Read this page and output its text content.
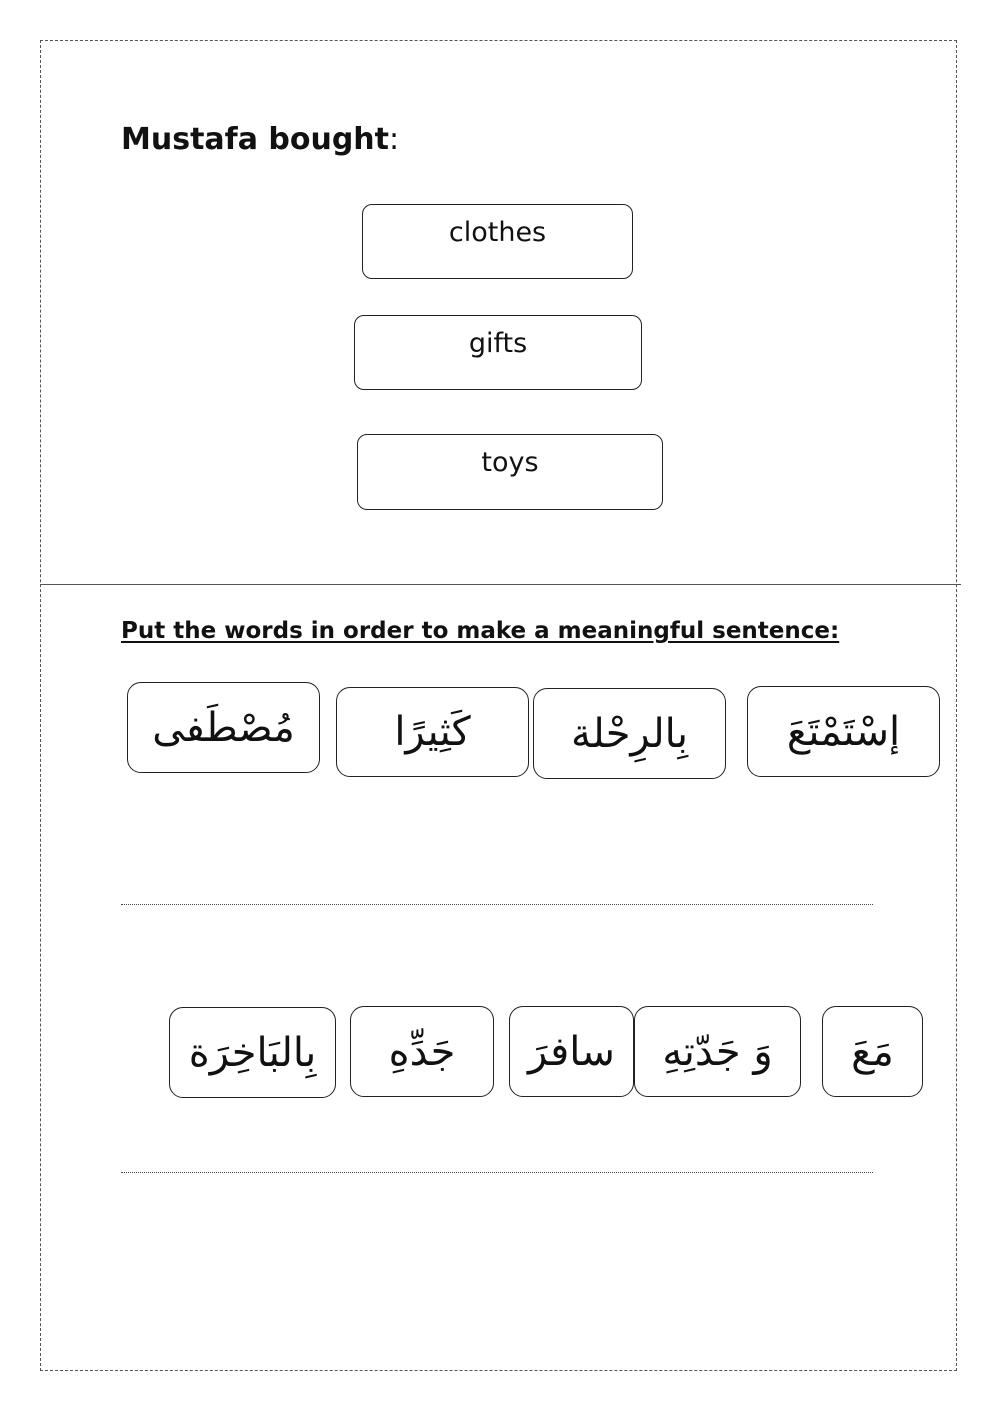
Mustafa bought:
clothes
gifts
toys

Put the words in order to make a meaningful sentence:

مُصْطَفى	كَثِيرًا	بِالرِحْلة	إسْتَمْتَعَ
بِالبَاخِرَة	جَدِّهِ	سافرَ	وَ جَدّتِهِ	مَعَ
